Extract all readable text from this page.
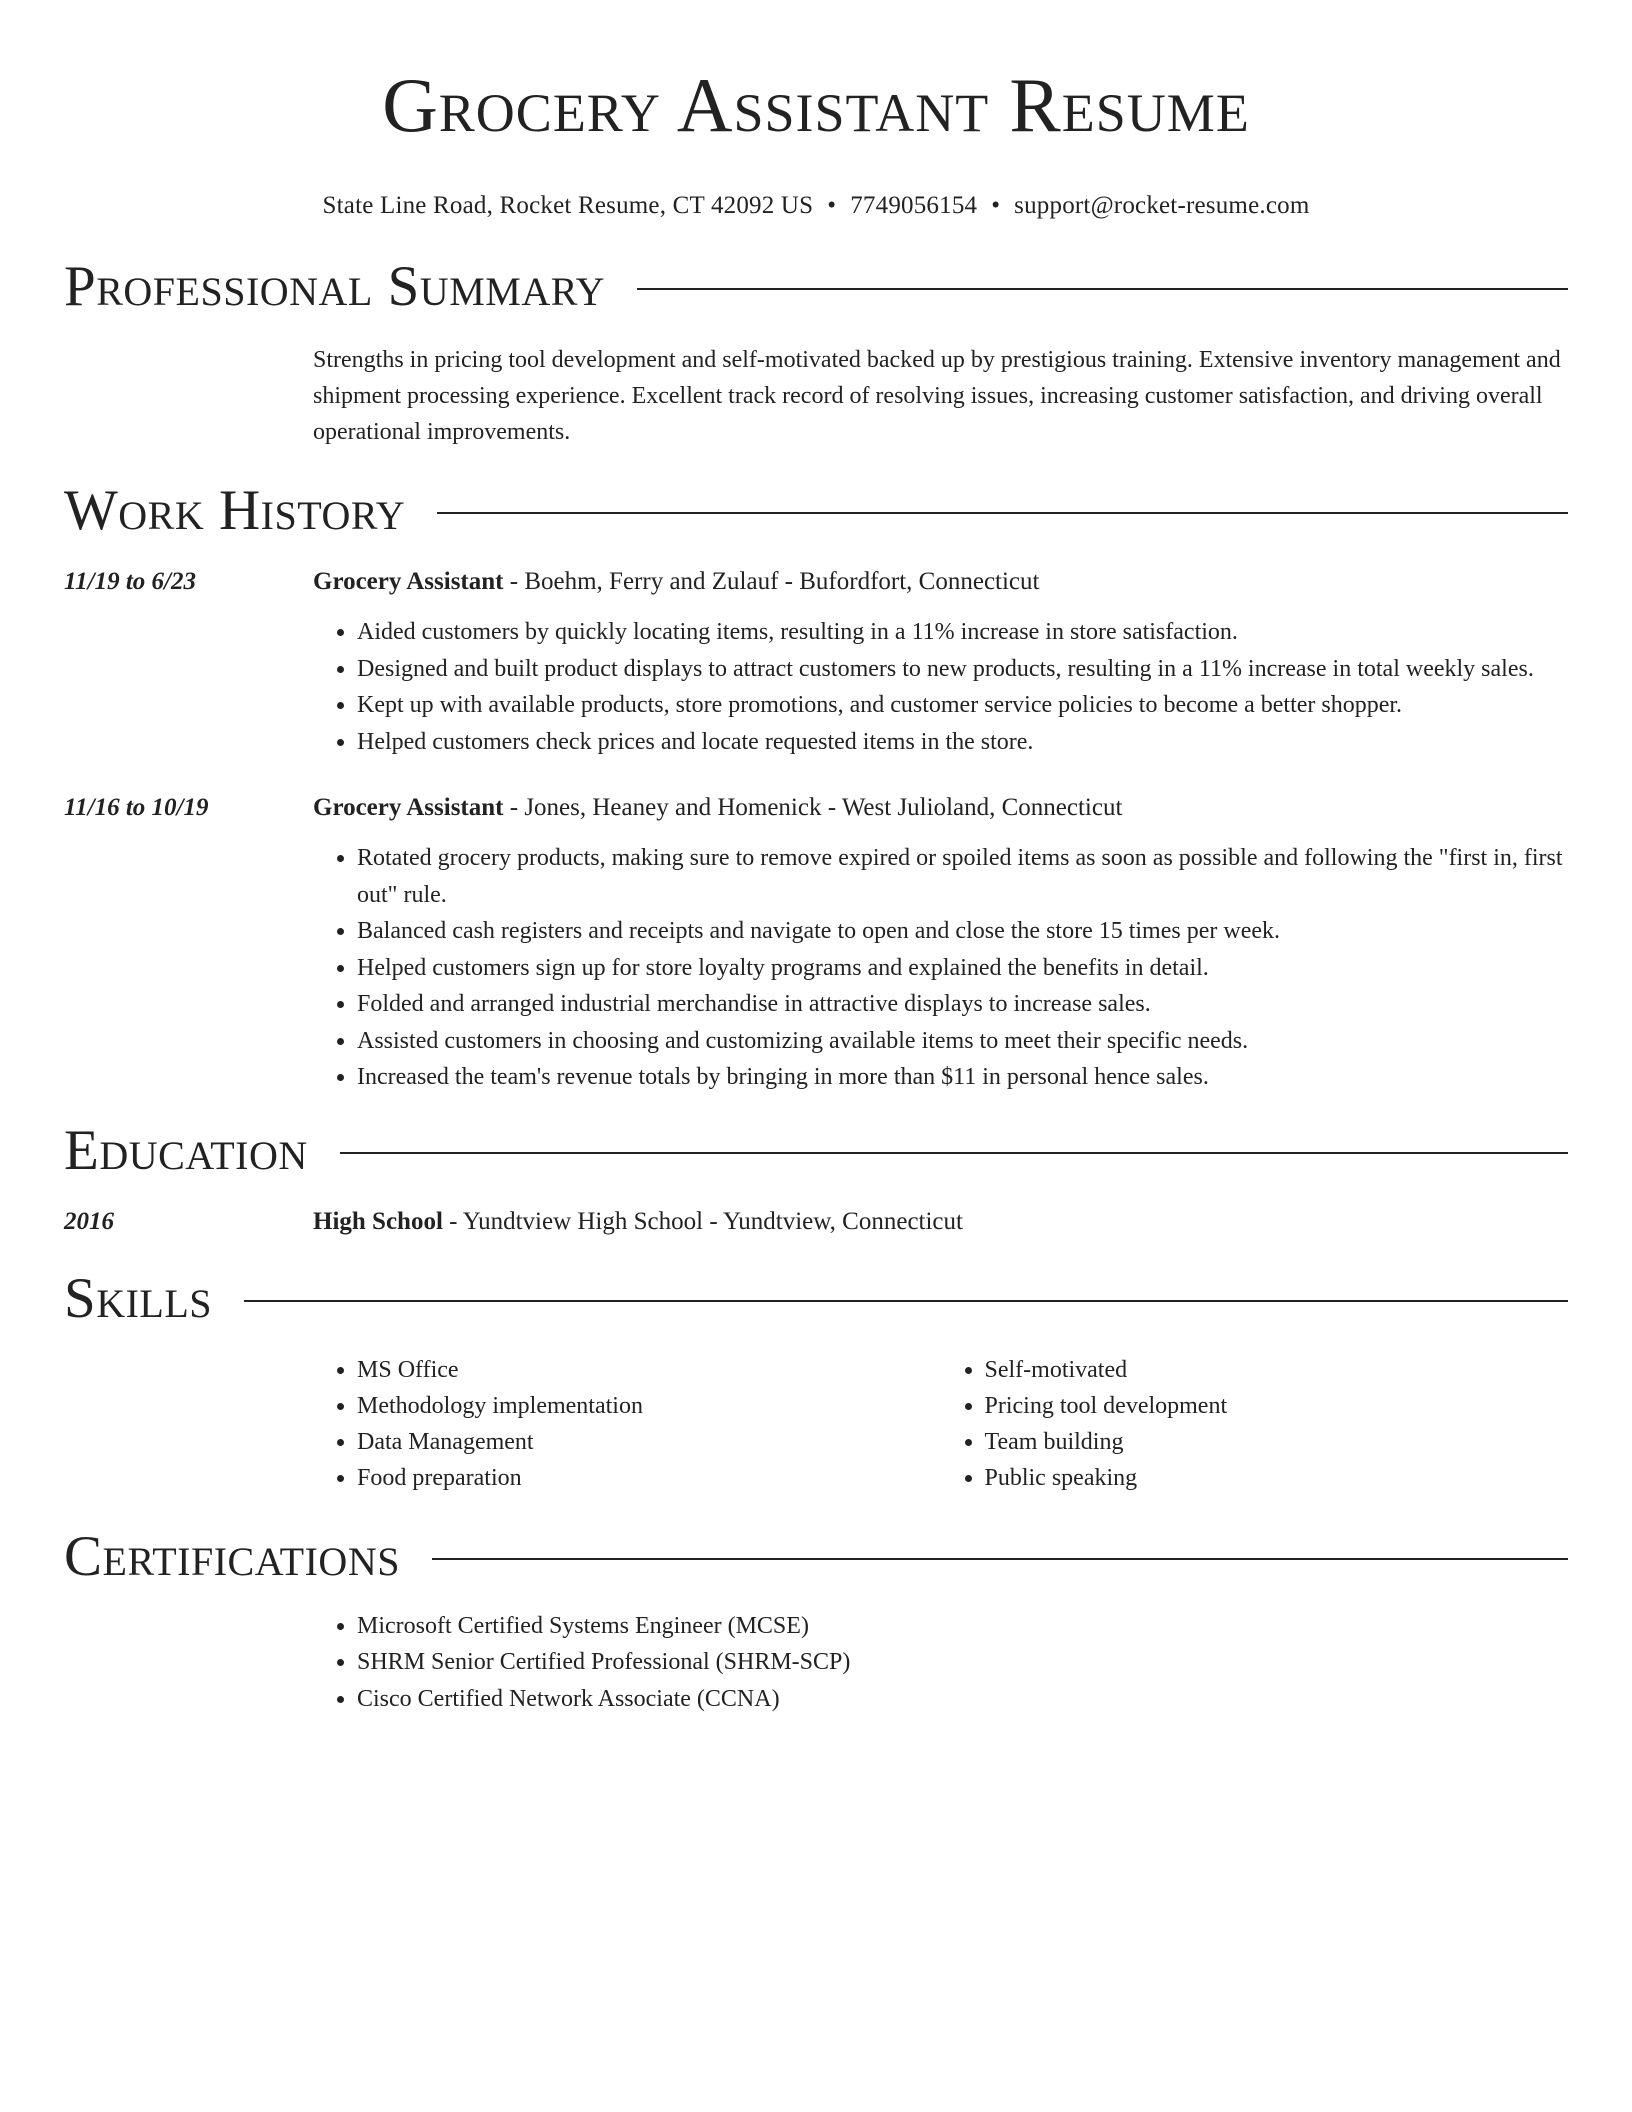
Grocery Assistant Resume
State Line Road, Rocket Resume, CT 42092 US • 7749056154 • support@rocket-resume.com
Professional Summary
Strengths in pricing tool development and self-motivated backed up by prestigious training. Extensive inventory management and shipment processing experience. Excellent track record of resolving issues, increasing customer satisfaction, and driving overall operational improvements.
Work History
11/19 to 6/23	Grocery Assistant - Boehm, Ferry and Zulauf - Bufordfort, Connecticut
• Aided customers by quickly locating items, resulting in a 11% increase in store satisfaction.
• Designed and built product displays to attract customers to new products, resulting in a 11% increase in total weekly sales.
• Kept up with available products, store promotions, and customer service policies to become a better shopper.
• Helped customers check prices and locate requested items in the store.
11/16 to 10/19	Grocery Assistant - Jones, Heaney and Homenick - West Julioland, Connecticut
• Rotated grocery products, making sure to remove expired or spoiled items as soon as possible and following the "first in, first out" rule.
• Balanced cash registers and receipts and navigate to open and close the store 15 times per week.
• Helped customers sign up for store loyalty programs and explained the benefits in detail.
• Folded and arranged industrial merchandise in attractive displays to increase sales.
• Assisted customers in choosing and customizing available items to meet their specific needs.
• Increased the team's revenue totals by bringing in more than $11 in personal hence sales.
Education
2016	High School - Yundtview High School - Yundtview, Connecticut
Skills
• MS Office
• Methodology implementation
• Data Management
• Food preparation
• Self-motivated
• Pricing tool development
• Team building
• Public speaking
Certifications
• Microsoft Certified Systems Engineer (MCSE)
• SHRM Senior Certified Professional (SHRM-SCP)
• Cisco Certified Network Associate (CCNA)
